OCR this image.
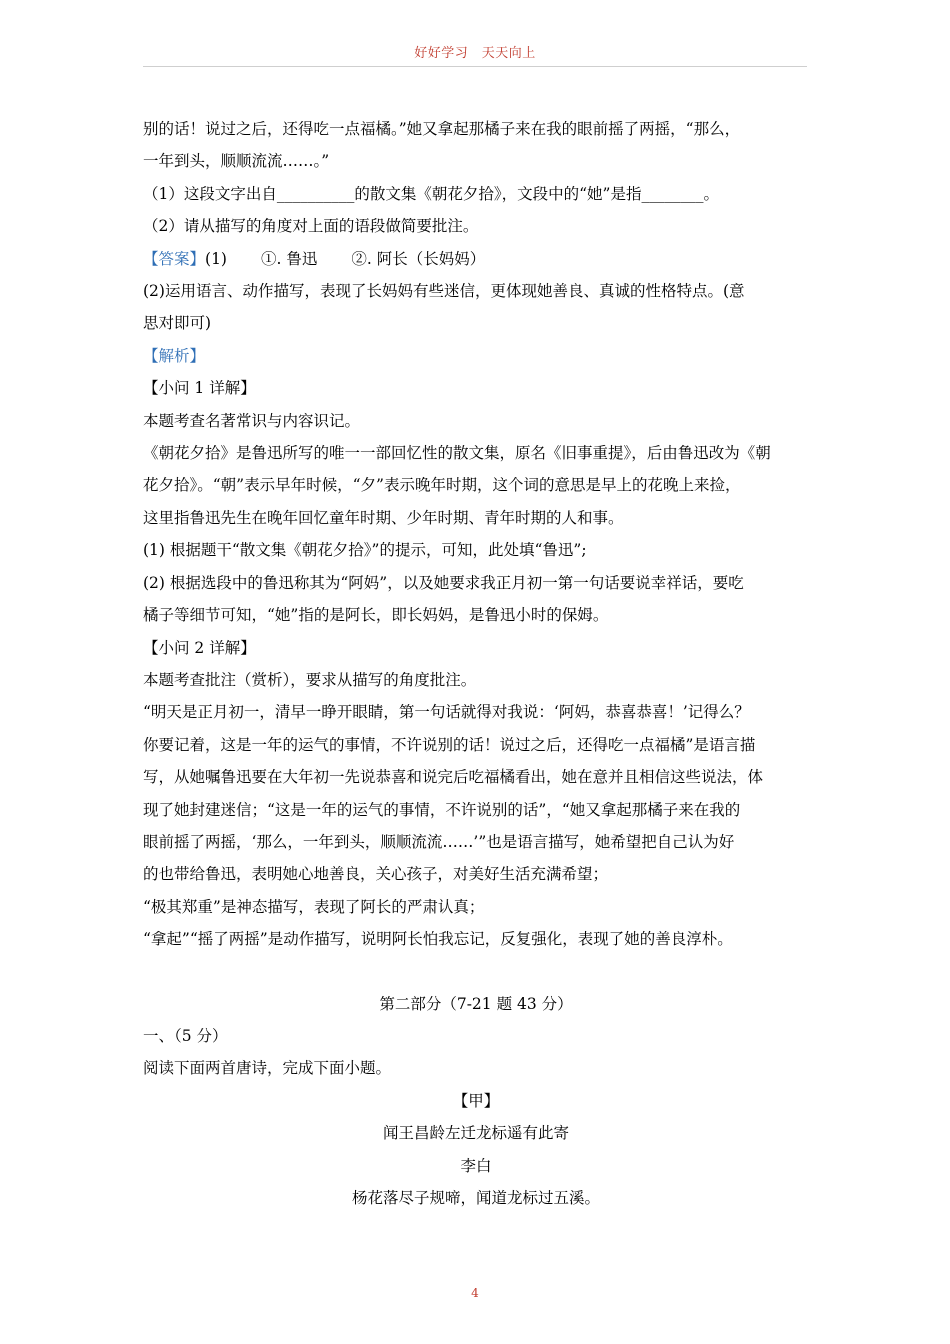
好好学习　天天向上

别的话！说过之后，还得吃一点福橘。”她又拿起那橘子来在我的眼前摇了两摇，“那么，

一年到头，顺顺流流……。”

（1）这段文字出自__________的散文集《朝花夕拾》，文段中的“她”是指________。

（2）请从描写的角度对上面的语段做简要批注。

【答案】(1) ①. 鲁迅 ②. 阿长（长妈妈）

(2)运用语言、动作描写，表现了长妈妈有些迷信，更体现她善良、真诚的性格特点。(意

思对即可)

【解析】

【小问 1 详解】

本题考查名著常识与内容识记。

《朝花夕拾》是鲁迅所写的唯一一部回忆性的散文集，原名《旧事重提》，后由鲁迅改为《朝

花夕拾》。“朝”表示早年时候，“夕”表示晚年时期，这个词的意思是早上的花晚上来捡，

这里指鲁迅先生在晚年回忆童年时期、少年时期、青年时期的人和事。

(1) 根据题干“散文集《朝花夕拾》”的提示，可知，此处填“鲁迅”;

(2) 根据选段中的鲁迅称其为“阿妈”，以及她要求我正月初一第一句话要说幸祥话，要吃

橘子等细节可知，“她”指的是阿长，即长妈妈，是鲁迅小时的保姆。

【小问 2 详解】

本题考查批注（赏析），要求从描写的角度批注。

“明天是正月初一，清早一睁开眼睛，第一句话就得对我说：‘阿妈，恭喜恭喜！’记得么？

你要记着，这是一年的运气的事情，不许说别的话！说过之后，还得吃一点福橘”是语言描

写，从她嘱鲁迅要在大年初一先说恭喜和说完后吃福橘看出，她在意并且相信这些说法，体

现了她封建迷信；“这是一年的运气的事情，不许说别的话”，“她又拿起那橘子来在我的

眼前摇了两摇，‘那么，一年到头，顺顺流流……’”也是语言描写，她希望把自己认为好

的也带给鲁迅，表明她心地善良，关心孩子，对美好生活充满希望；

“极其郑重”是神态描写，表现了阿长的严肃认真；

“拿起”“摇了两摇”是动作描写，说明阿长怕我忘记，反复强化，表现了她的善良淳朴。

第二部分（7-21 题 43 分）

一、（5 分）

阅读下面两首唐诗，完成下面小题。

【甲】

闻王昌龄左迁龙标遥有此寄

李白

杨花落尽子规啼，闻道龙标过五溪。

4
